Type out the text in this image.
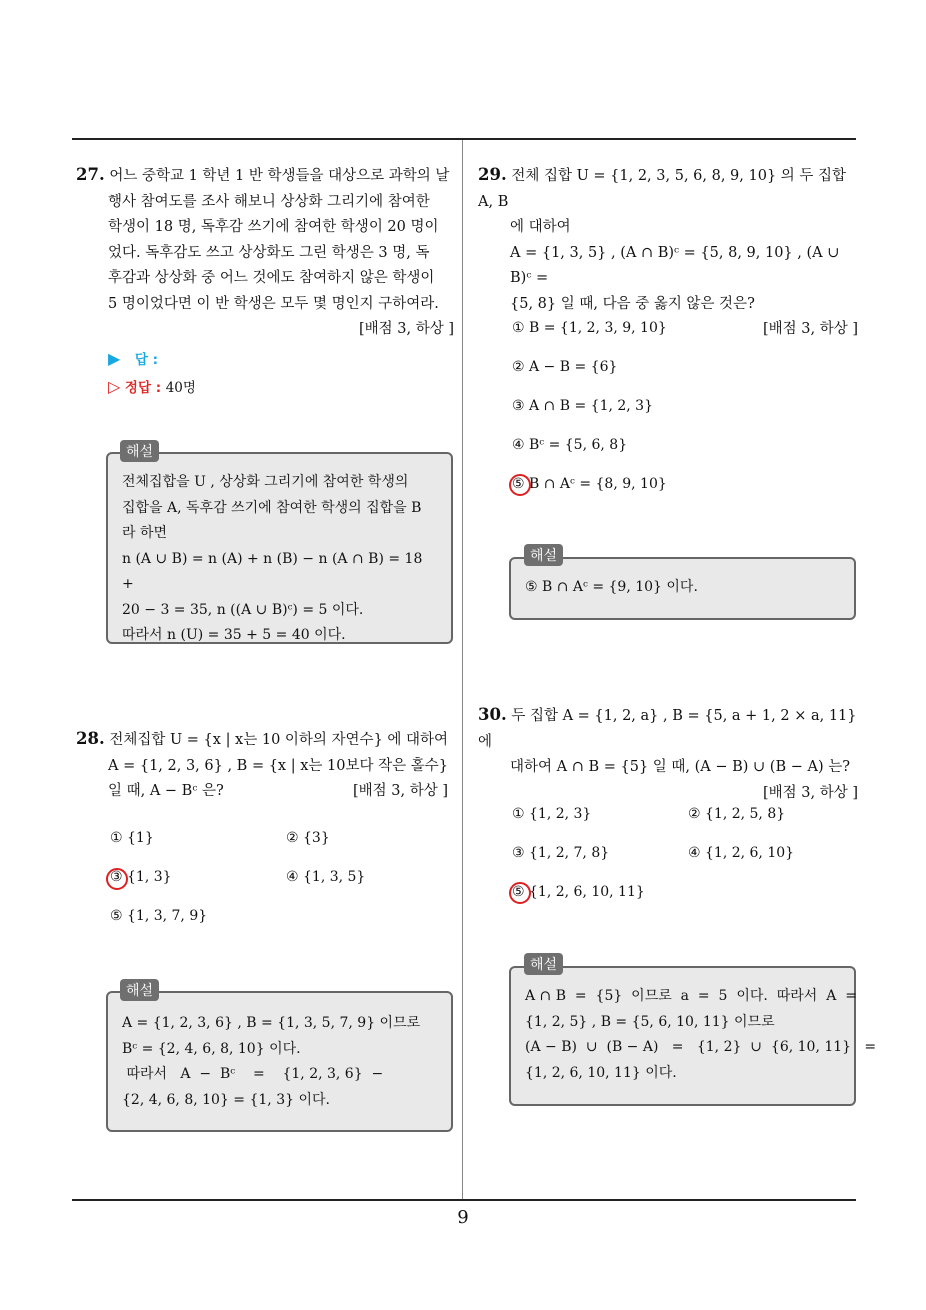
9
27. 어느 중학교 1 학년 1 반 학생들을 대상으로 과학의 날
행사 참여도를 조사 해보니 상상화 그리기에 참여한
학생이 18 명, 독후감 쓰기에 참여한 학생이 20 명이
었다. 독후감도 쓰고 상상화도 그린 학생은 3 명, 독
후감과 상상화 중 어느 것에도 참여하지 않은 학생이
5 명이었다면 이 반 학생은 모두 몇 명인지 구하여라.
[배점 3, 하상 ]
▶ 답 :
▷ 정답 : 40명
전체집합을 U , 상상화 그리기에 참여한 학생의
집합을 A, 독후감 쓰기에 참여한 학생의 집합을 B
라 하면
n (A ∪ B) = n (A) + n (B) − n (A ∩ B) = 18 +
20 − 3 = 35, n ((A ∪ B)ᶜ) = 5 이다.
따라서 n (U) = 35 + 5 = 40 이다.
해설
28. 전체집합 U = {x | x는 10 이하의 자연수} 에 대하여
A = {1, 2, 3, 6} , B = {x | x는 10보다 작은 홀수}
일 때, A − Bᶜ 은?	[배점 3, 하상 ]
① {1}	② {3}
③ {1, 3}	④ {1, 3, 5}
⑤ {1, 3, 7, 9}
A = {1, 2, 3, 6} , B = {1, 3, 5, 7, 9} 이므로
Bᶜ = {2, 4, 6, 8, 10} 이다.
따라서   A  −  Bᶜ    =    {1, 2, 3, 6}  −
{2, 4, 6, 8, 10} = {1, 3} 이다.
해설
29. 전체 집합 U = {1, 2, 3, 5, 6, 8, 9, 10} 의 두 집합 A, B
에 대하여
A = {1, 3, 5} , (A ∩ B)ᶜ = {5, 8, 9, 10} , (A ∪ B)ᶜ =
{5, 8} 일 때, 다음 중 옳지 않은 것은?
[배점 3, 하상 ]
① B = {1, 2, 3, 9, 10}
② A − B = {6}
③ A ∩ B = {1, 2, 3}
④ Bᶜ = {5, 6, 8}
⑤ B ∩ Aᶜ = {8, 9, 10}
⑤ B ∩ Aᶜ = {9, 10} 이다.
해설
30. 두 집합 A = {1, 2, a} , B = {5, a + 1, 2 × a, 11} 에
대하여 A ∩ B = {5} 일 때, (A − B) ∪ (B − A) 는?
[배점 3, 하상 ]
① {1, 2, 3}	② {1, 2, 5, 8}
③ {1, 2, 7, 8}	④ {1, 2, 6, 10}
⑤ {1, 2, 6, 10, 11}
A ∩ B  =  {5}  이므로  a  =  5  이다.  따라서  A  =
{1, 2, 5} , B = {5, 6, 10, 11} 이므로
(A − B)  ∪  (B − A)   =   {1, 2}  ∪  {6, 10, 11}   =
{1, 2, 6, 10, 11} 이다.
해설
